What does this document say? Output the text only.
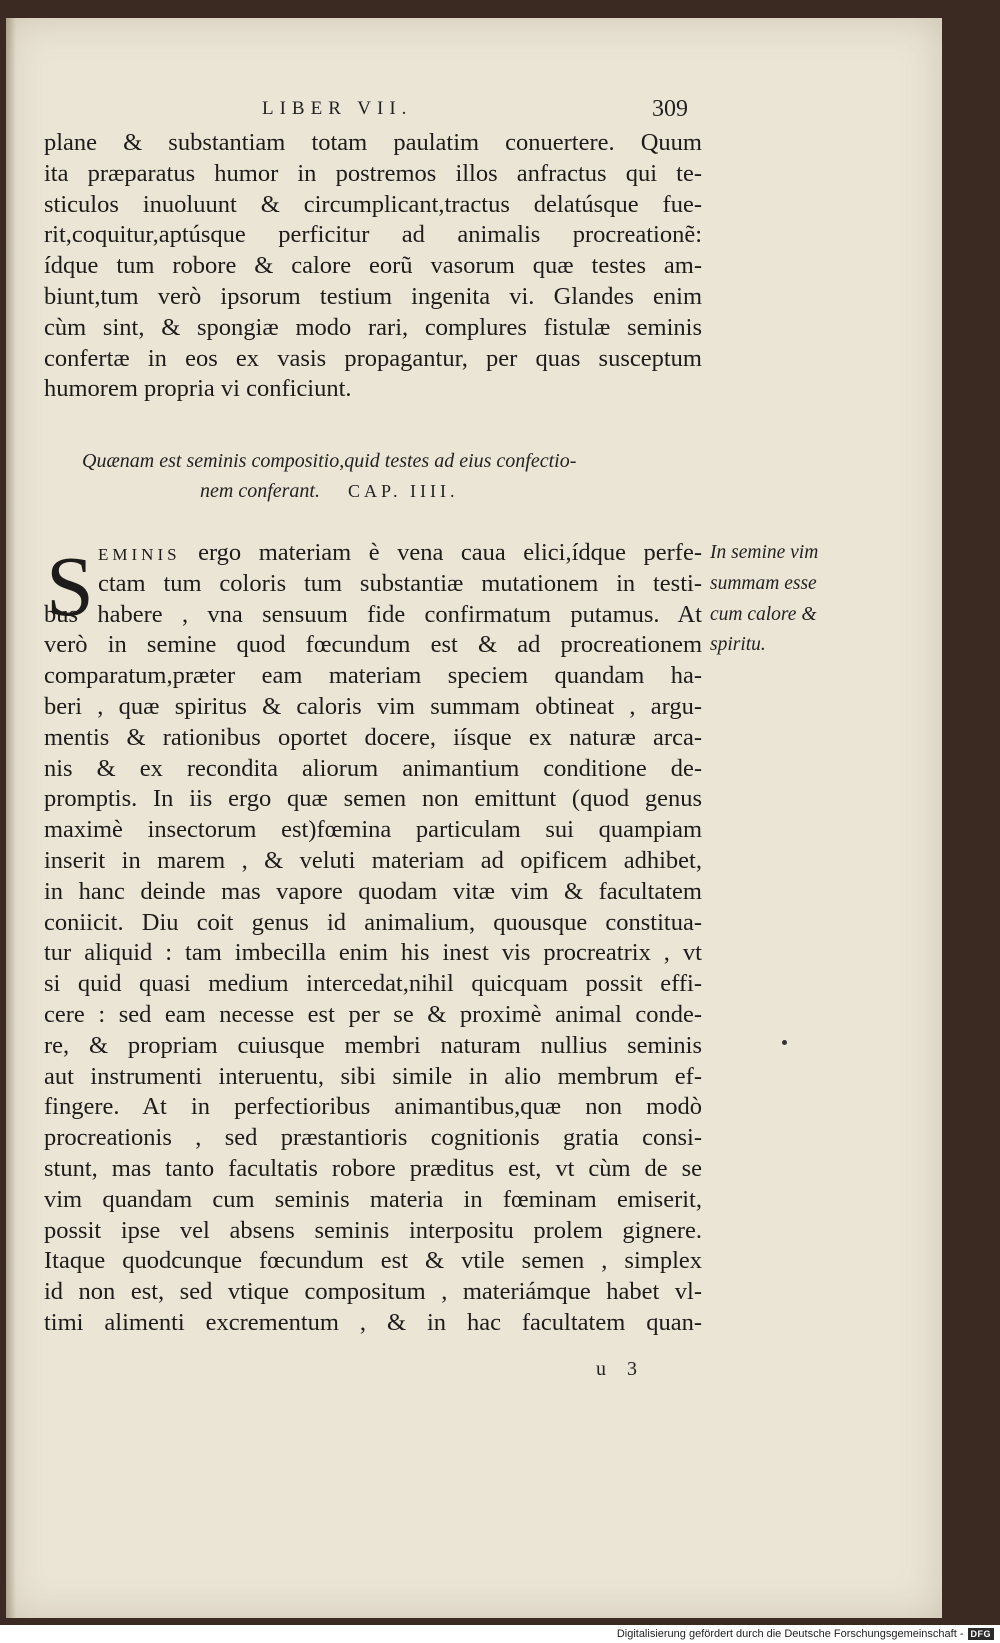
LIBER VII.	309
plane & substantiam totam paulatim conuertere. Quum
ita præparatus humor in postremos illos anfractus qui te-
sticulos inuoluunt & circumplicant,tractus delatúsque fue-
rit,coquitur,aptúsque perficitur ad animalis procreationẽ:
ídque tum robore & calore eorũ vasorum quæ testes am-
biunt,tum verò ipsorum testium ingenita vi. Glandes enim
cùm sint, & spongiæ modo rari, complures fistulæ seminis
confertæ in eos ex vasis propagantur, per quas susceptum
humorem propria vi conficiunt.
Quænam est seminis compositio,quid testes ad eius confectio-
nem conferant. CAP. IIII.
S EMINIS ergo materiam è vena caua elici,ídque perfe-
ctam tum coloris tum substantiæ mutationem in testi-
bus habere , vna sensuum fide confirmatum putamus. At
verò in semine quod fœcundum est & ad procreationem
comparatum,præter eam materiam speciem quandam ha-
beri , quæ spiritus & caloris vim summam obtineat , argu-
mentis & rationibus oportet docere, iísque ex naturæ arca-
nis & ex recondita aliorum animantium conditione de-
promptis. In iis ergo quæ semen non emittunt (quod genus
maximè insectorum est)fœmina particulam sui quampiam
inserit in marem , & veluti materiam ad opificem adhibet,
in hanc deinde mas vapore quodam vitæ vim & facultatem
coniicit. Diu coit genus id animalium, quousque constitua-
tur aliquid : tam imbecilla enim his inest vis procreatrix , vt
si quid quasi medium intercedat,nihil quicquam possit effi-
cere : sed eam necesse est per se & proximè animal conde-
re, & propriam cuiusque membri naturam nullius seminis
aut instrumenti interuentu, sibi simile in alio membrum ef-
fingere. At in perfectioribus animantibus,quæ non modò
procreationis , sed præstantioris cognitionis gratia consi-
stunt, mas tanto facultatis robore præditus est, vt cùm de se
vim quandam cum seminis materia in fœminam emiserit,
possit ipse vel absens seminis interpositu prolem gignere.
Itaque quodcunque fœcundum est & vtile semen , simplex
id non est, sed vtique compositum , materiámque habet vl-
timi alimenti excrementum , & in hac facultatem quan-
In semine vim
summam esse
cum calore &
spiritu.
u 3
Digitalisierung gefördert durch die Deutsche Forschungsgemeinschaft - DFG
